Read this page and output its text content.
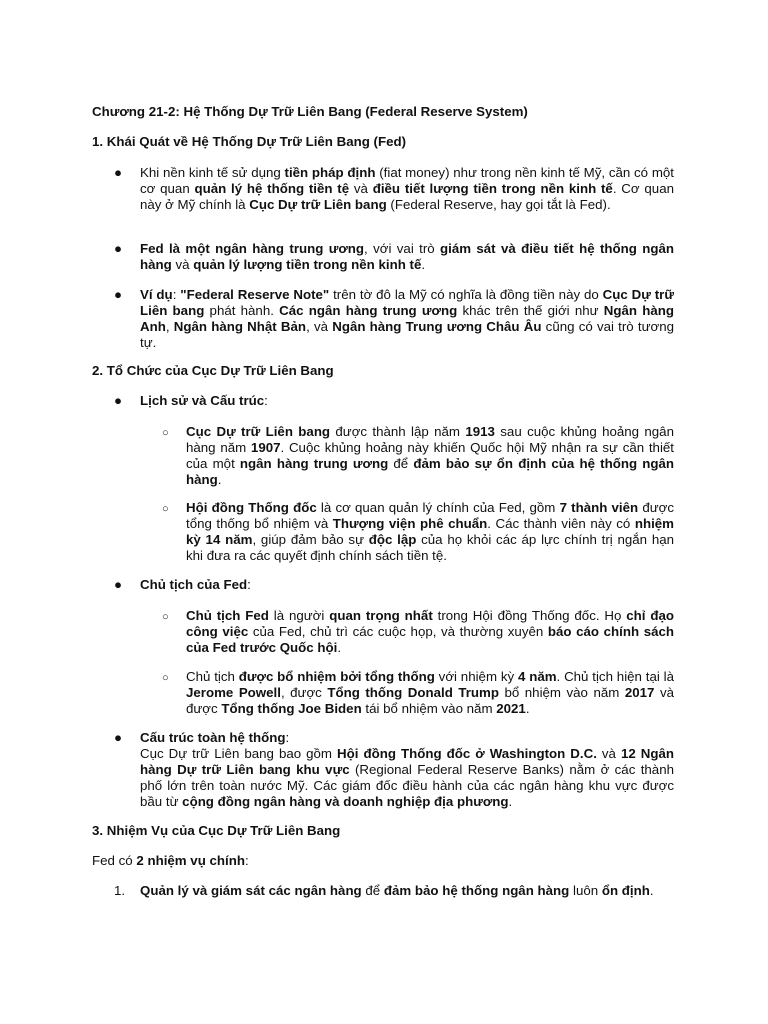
Chương 21-2: Hệ Thống Dự Trữ Liên Bang (Federal Reserve System)
1. Khái Quát về Hệ Thống Dự Trữ Liên Bang (Fed)
● Khi nền kinh tế sử dụng tiền pháp định (fiat money) như trong nền kinh tế Mỹ, cần có một cơ quan quản lý hệ thống tiền tệ và điều tiết lượng tiền trong nền kinh tế. Cơ quan này ở Mỹ chính là Cục Dự trữ Liên bang (Federal Reserve, hay gọi tắt là Fed).
● Fed là một ngân hàng trung ương, với vai trò giám sát và điều tiết hệ thống ngân hàng và quản lý lượng tiền trong nền kinh tế.
● Ví dụ: "Federal Reserve Note" trên tờ đô la Mỹ có nghĩa là đồng tiền này do Cục Dự trữ Liên bang phát hành. Các ngân hàng trung ương khác trên thế giới như Ngân hàng Anh, Ngân hàng Nhật Bản, và Ngân hàng Trung ương Châu Âu cũng có vai trò tương tự.
2. Tổ Chức của Cục Dự Trữ Liên Bang
● Lịch sử và Cấu trúc:
○ Cục Dự trữ Liên bang được thành lập năm 1913 sau cuộc khủng hoảng ngân hàng năm 1907. Cuộc khủng hoảng này khiến Quốc hội Mỹ nhận ra sự cần thiết của một ngân hàng trung ương để đảm bảo sự ổn định của hệ thống ngân hàng.
○ Hội đồng Thống đốc là cơ quan quản lý chính của Fed, gồm 7 thành viên được tổng thống bổ nhiệm và Thượng viện phê chuẩn. Các thành viên này có nhiệm kỳ 14 năm, giúp đảm bảo sự độc lập của họ khỏi các áp lực chính trị ngắn hạn khi đưa ra các quyết định chính sách tiền tệ.
● Chủ tịch của Fed:
○ Chủ tịch Fed là người quan trọng nhất trong Hội đồng Thống đốc. Họ chỉ đạo công việc của Fed, chủ trì các cuộc họp, và thường xuyên báo cáo chính sách của Fed trước Quốc hội.
○ Chủ tịch được bổ nhiệm bởi tổng thống với nhiệm kỳ 4 năm. Chủ tịch hiện tại là Jerome Powell, được Tổng thống Donald Trump bổ nhiệm vào năm 2017 và được Tổng thống Joe Biden tái bổ nhiệm vào năm 2021.
● Cấu trúc toàn hệ thống:
Cục Dự trữ Liên bang bao gồm Hội đồng Thống đốc ở Washington D.C. và 12 Ngân hàng Dự trữ Liên bang khu vực (Regional Federal Reserve Banks) nằm ở các thành phố lớn trên toàn nước Mỹ. Các giám đốc điều hành của các ngân hàng khu vực được bầu từ cộng đồng ngân hàng và doanh nghiệp địa phương.
3. Nhiệm Vụ của Cục Dự Trữ Liên Bang
Fed có 2 nhiệm vụ chính:
1. Quản lý và giám sát các ngân hàng để đảm bảo hệ thống ngân hàng luôn ổn định.
